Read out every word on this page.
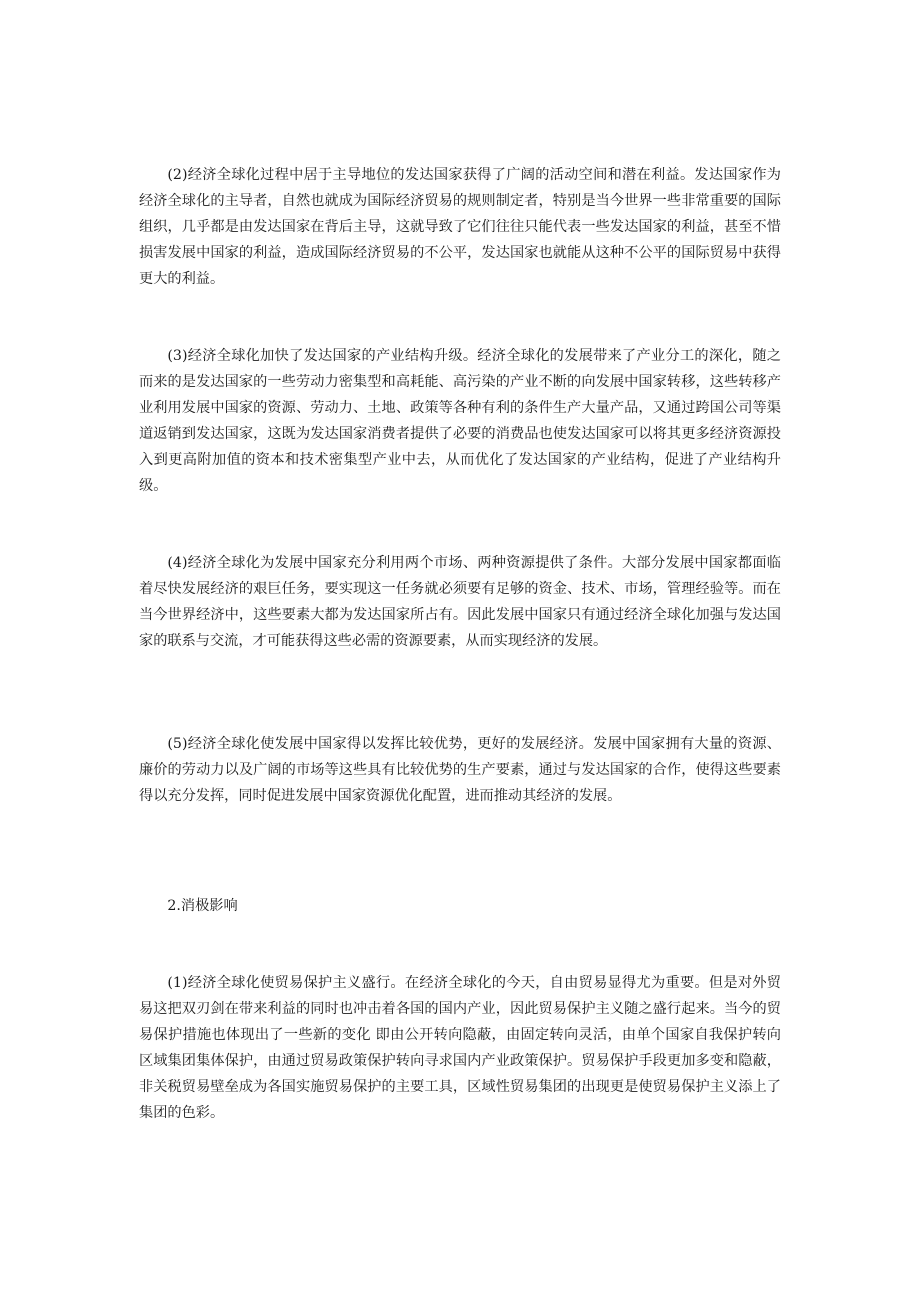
(2)经济全球化过程中居于主导地位的发达国家获得了广阔的活动空间和潜在利益。发达国家作为经济全球化的主导者，自然也就成为国际经济贸易的规则制定者，特别是当今世界一些非常重要的国际组织，几乎都是由发达国家在背后主导，这就导致了它们往往只能代表一些发达国家的利益，甚至不惜损害发展中国家的利益，造成国际经济贸易的不公平，发达国家也就能从这种不公平的国际贸易中获得更大的利益。

(3)经济全球化加快了发达国家的产业结构升级。经济全球化的发展带来了产业分工的深化，随之而来的是发达国家的一些劳动力密集型和高耗能、高污染的产业不断的向发展中国家转移，这些转移产业利用发展中国家的资源、劳动力、土地、政策等各种有利的条件生产大量产品，又通过跨国公司等渠道返销到发达国家，这既为发达国家消费者提供了必要的消费品也使发达国家可以将其更多经济资源投入到更高附加值的资本和技术密集型产业中去，从而优化了发达国家的产业结构，促进了产业结构升级。

(4)经济全球化为发展中国家充分利用两个市场、两种资源提供了条件。大部分发展中国家都面临着尽快发展经济的艰巨任务，要实现这一任务就必须要有足够的资金、技术、市场，管理经验等。而在当今世界经济中，这些要素大都为发达国家所占有。因此发展中国家只有通过经济全球化加强与发达国家的联系与交流，才可能获得这些必需的资源要素，从而实现经济的发展。

(5)经济全球化使发展中国家得以发挥比较优势，更好的发展经济。发展中国家拥有大量的资源、廉价的劳动力以及广阔的市场等这些具有比较优势的生产要素，通过与发达国家的合作，使得这些要素得以充分发挥，同时促进发展中国家资源优化配置，进而推动其经济的发展。

2.消极影响

(1)经济全球化使贸易保护主义盛行。在经济全球化的今天，自由贸易显得尤为重要。但是对外贸易这把双刃剑在带来利益的同时也冲击着各国的国内产业，因此贸易保护主义随之盛行起来。当今的贸易保护措施也体现出了一些新的变化 即由公开转向隐蔽，由固定转向灵活，由单个国家自我保护转向区域集团集体保护，由通过贸易政策保护转向寻求国内产业政策保护。贸易保护手段更加多变和隐蔽，非关税贸易壁垒成为各国实施贸易保护的主要工具，区域性贸易集团的出现更是使贸易保护主义添上了集团的色彩。
